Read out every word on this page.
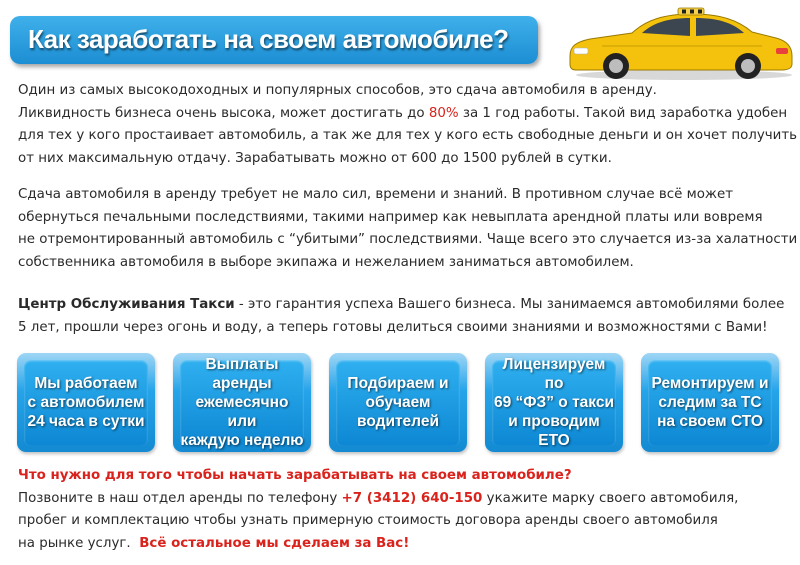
Как заработать на своем автомобиле?

Один из самых высокодоходных и популярных способов, это сдача автомобиля в аренду.
Ликвидность бизнеса очень высока, может достигать до 80% за 1 год работы. Такой вид заработка удобен
для тех у кого простаивает автомобиль, а так же для тех у кого есть свободные деньги и он хочет получить
от них максимальную отдачу. Зарабатывать можно от 600 до 1500 рублей в сутки.

Сдача автомобиля в аренду требует не мало сил, времени и знаний. В противном случае всё может
обернуться печальными последствиями, такими например как невыплата арендной платы или вовремя
не отремонтированный автомобиль с “убитыми” последствиями. Чаще всего это случается из-за халатности
собственника автомобиля в выборе экипажа и нежеланием заниматься автомобилем.

Центр Обслуживания Такси - это гарантия успеха Вашего бизнеса. Мы занимаемся автомобилями более
5 лет, прошли через огонь и воду, а теперь готовы делиться своими знаниями и возможностями с Вами!

Мы работаем
с автомобилем
24 часа в сутки
Выплаты аренды
ежемесячно или
каждую неделю
Подбираем и
обучаем
водителей
Лицензируем по
69 “ФЗ” о такси
и проводим ЕТО
Ремонтируем и
следим за ТС
на своем СТО

Что нужно для того чтобы начать зарабатывать на своем автомобиле?
Позвоните в наш отдел аренды по телефону +7 (3412) 640-150 укажите марку своего автомобиля,
пробег и комплектацию чтобы узнать примерную стоимость договора аренды своего автомобиля
на рынке услуг.  Всё остальное мы сделаем за Вас!
